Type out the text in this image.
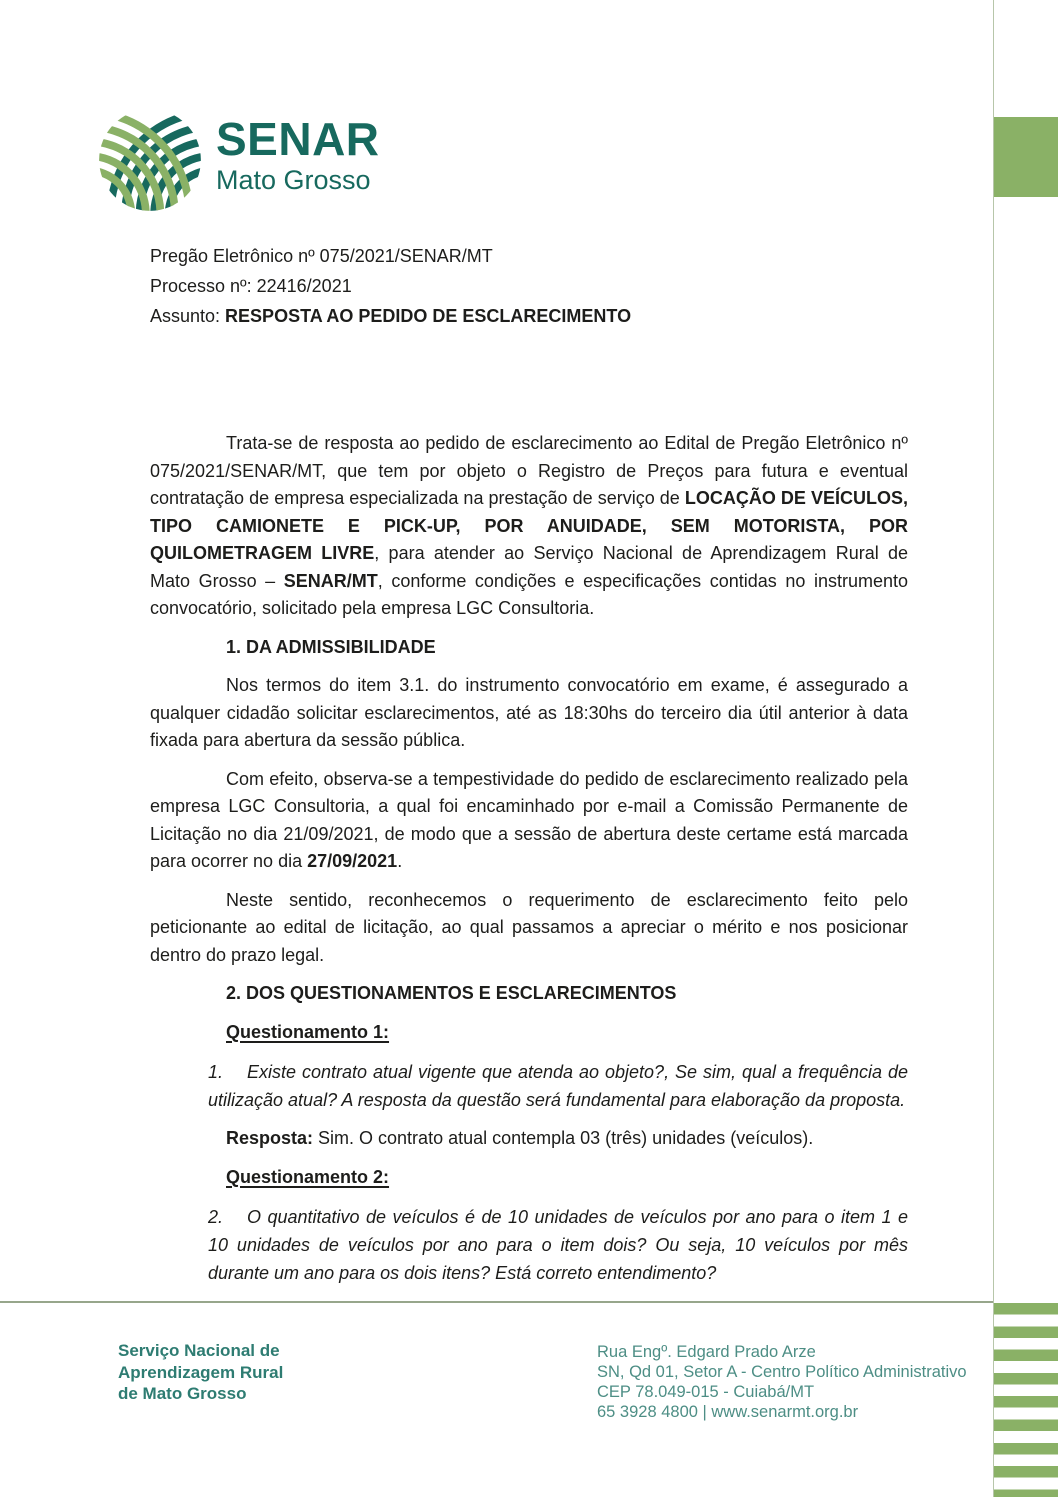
SENAR
Mato Grosso
Pregão Eletrônico nº 075/2021/SENAR/MT
Processo nº: 22416/2021
Assunto: RESPOSTA AO PEDIDO DE ESCLARECIMENTO

Trata-se de resposta ao pedido de esclarecimento ao Edital de Pregão Eletrônico nº 075/2021/SENAR/MT, que tem por objeto o Registro de Preços para futura e eventual contratação de empresa especializada na prestação de serviço de LOCAÇÃO DE VEÍCULOS, TIPO CAMIONETE E PICK-UP, POR ANUIDADE, SEM MOTORISTA, POR QUILOMETRAGEM LIVRE, para atender ao Serviço Nacional de Aprendizagem Rural de Mato Grosso – SENAR/MT, conforme condições e especificações contidas no instrumento convocatório, solicitado pela empresa LGC Consultoria.

1. DA ADMISSIBILIDADE

Nos termos do item 3.1. do instrumento convocatório em exame, é assegurado a qualquer cidadão solicitar esclarecimentos, até as 18:30hs do terceiro dia útil anterior à data fixada para abertura da sessão pública.

Com efeito, observa-se a tempestividade do pedido de esclarecimento realizado pela empresa LGC Consultoria, a qual foi encaminhado por e-mail a Comissão Permanente de Licitação no dia 21/09/2021, de modo que a sessão de abertura deste certame está marcada para ocorrer no dia 27/09/2021.

Neste sentido, reconhecemos o requerimento de esclarecimento feito pelo peticionante ao edital de licitação, ao qual passamos a apreciar o mérito e nos posicionar dentro do prazo legal.

2. DOS QUESTIONAMENTOS E ESCLARECIMENTOS
Questionamento 1:

1. Existe contrato atual vigente que atenda ao objeto?, Se sim, qual a frequência de utilização atual? A resposta da questão será fundamental para elaboração da proposta.

Resposta: Sim. O contrato atual contempla 03 (três) unidades (veículos).

Questionamento 2:

2. O quantitativo de veículos é de 10 unidades de veículos por ano para o item 1 e 10 unidades de veículos por ano para o item dois? Ou seja, 10 veículos por mês durante um ano para os dois itens? Está correto entendimento?

Serviço Nacional de
Aprendizagem Rural
de Mato Grosso
Rua Engº. Edgard Prado Arze
SN, Qd 01, Setor A - Centro Político Administrativo
CEP 78.049-015 - Cuiabá/MT
65 3928 4800 | www.senarmt.org.br
